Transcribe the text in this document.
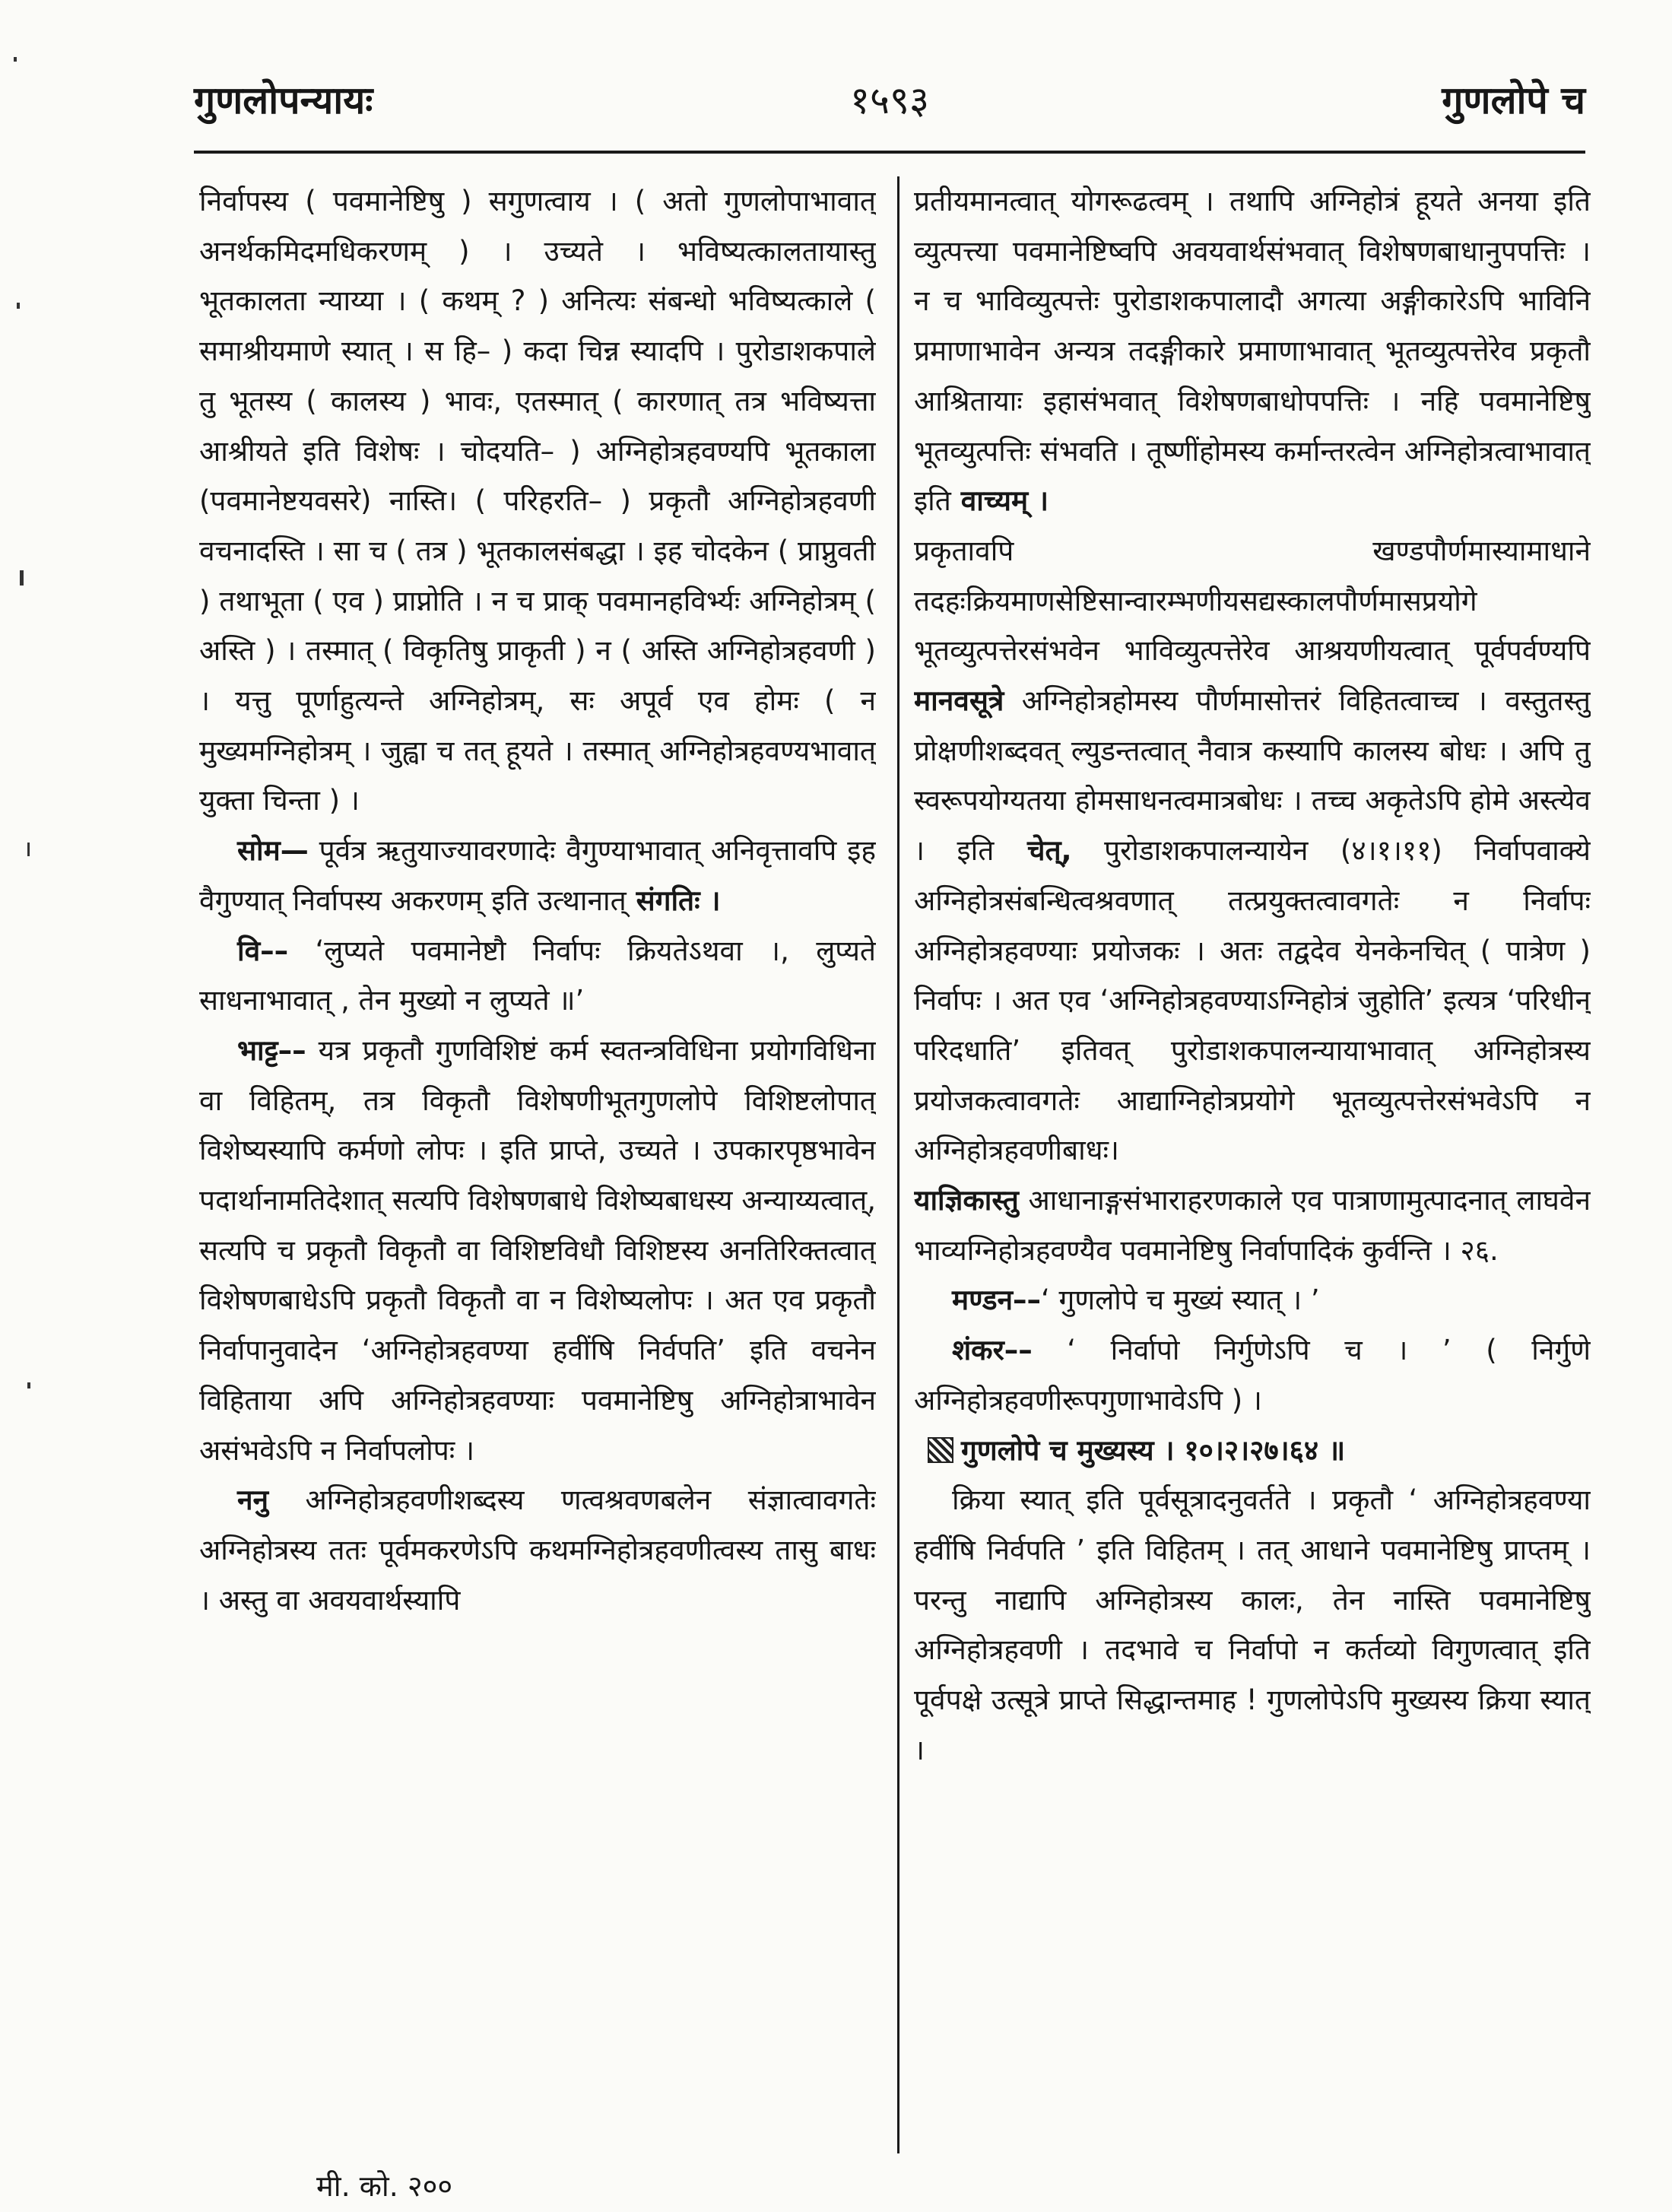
गुणलोपन्यायः	१५९३	गुणलोपे च

निर्वापस्य ( पवमानेष्टिषु ) सगुणत्वाय । ( अतो गुणलोपाभावात् अनर्थकमिदमधिकरणम् ) । उच्यते । भविष्यत्कालतायास्तु भूतकालता न्याय्या । ( कथम् ? ) अनित्यः संबन्धो भविष्यत्काले ( समाश्रीयमाणे स्यात् । स हि– ) कदा चिन्न स्यादपि । पुरोडाशकपाले तु भूतस्य ( कालस्य ) भावः, एतस्मात् ( कारणात् तत्र भविष्यत्ता आश्रीयते इति विशेषः । चोदयति– ) अग्निहोत्रहवण्यपि भूतकाला (पवमानेष्टयवसरे) नास्ति। ( परिहरति– ) प्रकृतौ अग्निहोत्रहवणी वचनादस्ति । सा च ( तत्र ) भूतकालसंबद्धा । इह चोदकेन ( प्राप्नुवती ) तथाभूता ( एव ) प्राप्नोति । न च प्राक् पवमानहविर्भ्यः अग्निहोत्रम् ( अस्ति ) । तस्मात् ( विकृतिषु प्राकृती ) न ( अस्ति अग्निहोत्रहवणी ) । यत्तु पूर्णाहुत्यन्ते अग्निहोत्रम्, सः अपूर्व एव होमः ( न मुख्यमग्निहोत्रम् । जुह्वा च तत् हूयते । तस्मात् अग्निहोत्रहवण्यभावात् युक्ता चिन्ता ) ।

सोम— पूर्वत्र ऋतुयाज्यावरणादेः वैगुण्याभावात् अनिवृत्तावपि इह वैगुण्यात् निर्वापस्य अकरणम् इति उत्थानात् संगतिः ।

वि–– ‘लुप्यते पवमानेष्टौ निर्वापः क्रियतेऽथवा ।, लुप्यते साधनाभावात् , तेन मुख्यो न लुप्यते ॥’

भाट्ट–– यत्र प्रकृतौ गुणविशिष्टं कर्म स्वतन्त्रविधिना प्रयोगविधिना वा विहितम्, तत्र विकृतौ विशेषणीभूतगुणलोपे विशिष्टलोपात् विशेष्यस्यापि कर्मणो लोपः । इति प्राप्ते, उच्यते । उपकारपृष्ठभावेन पदार्थानामतिदेशात् सत्यपि विशेषणबाधे विशेष्यबाधस्य अन्याय्यत्वात्, सत्यपि च प्रकृतौ विकृतौ वा विशिष्टविधौ विशिष्टस्य अनतिरिक्तत्वात् विशेषणबाधेऽपि प्रकृतौ विकृतौ वा न विशेष्यलोपः । अत एव प्रकृतौ निर्वापानुवादेन ‘अग्निहोत्रहवण्या हवींषि निर्वपति’ इति वचनेन विहिताया अपि अग्निहोत्रहवण्याः पवमानेष्टिषु अग्निहोत्राभावेन असंभवेऽपि न निर्वापलोपः ।

ननु अग्निहोत्रहवणीशब्दस्य णत्वश्रवणबलेन संज्ञात्वावगतेः अग्निहोत्रस्य ततः पूर्वमकरणेऽपि कथमग्निहोत्रहवणीत्वस्य तासु बाधः । अस्तु वा अवयवार्थस्यापि

प्रतीयमानत्वात् योगरूढत्वम् । तथापि अग्निहोत्रं हूयते अनया इति व्युत्पत्त्या पवमानेष्टिष्वपि अवयवार्थसंभवात् विशेषणबाधानुपपत्तिः । न च भाविव्युत्पत्तेः पुरोडाशकपालादौ अगत्या अङ्गीकारेऽपि भाविनि प्रमाणाभावेन अन्यत्र तदङ्गीकारे प्रमाणाभावात् भूतव्युत्पत्तेरेव प्रकृतौ आश्रितायाः इहासंभवात् विशेषणबाधोपपत्तिः । नहि पवमानेष्टिषु भूतव्युत्पत्तिः संभवति । तूष्णींहोमस्य कर्मान्तरत्वेन अग्निहोत्रत्वाभावात् इति वाच्यम् ।

प्रकृतावपि खण्डपौर्णमास्यामाधाने तदहःक्रियमाणसेष्टिसान्वारम्भणीयसद्यस्कालपौर्णमासप्रयोगे भूतव्युत्पत्तेरसंभवेन भाविव्युत्पत्तेरेव आश्रयणीयत्वात् पूर्वपर्वण्यपि मानवसूत्रे अग्निहोत्रहोमस्य पौर्णमासोत्तरं विहितत्वाच्च । वस्तुतस्तु प्रोक्षणीशब्दवत् ल्युडन्तत्वात् नैवात्र कस्यापि कालस्य बोधः । अपि तु स्वरूपयोग्यतया होमसाधनत्वमात्रबोधः । तच्च अकृतेऽपि होमे अस्त्येव । इति चेत्, पुरोडाशकपालन्यायेन (४।१।११) निर्वापवाक्ये अग्निहोत्रसंबन्धित्वश्रवणात् तत्प्रयुक्तत्वावगतेः न निर्वापः अग्निहोत्रहवण्याः प्रयोजकः । अतः तद्वदेव येनकेनचित् ( पात्रेण ) निर्वापः । अत एव ‘अग्निहोत्रहवण्याऽग्निहोत्रं जुहोति’ इत्यत्र ‘परिधीन् परिदधाति’ इतिवत् पुरोडाशकपालन्यायाभावात् अग्निहोत्रस्य प्रयोजकत्वावगतेः आद्याग्निहोत्रप्रयोगे भूतव्युत्पत्तेरसंभवेऽपि न अग्निहोत्रहवणीबाधः।

याज्ञिकास्तु आधानाङ्गसंभाराहरणकाले एव पात्राणामुत्पादनात् लाघवेन भाव्यग्निहोत्रहवण्यैव पवमानेष्टिषु निर्वापादिकं कुर्वन्ति । २६.

मण्डन––‘ गुणलोपे च मुख्यं स्यात् । ’

शंकर–– ‘ निर्वापो निर्गुणेऽपि च । ’ ( निर्गुणे अग्निहोत्रहवणीरूपगुणाभावेऽपि ) ।

गुणलोपे च मुख्यस्य । १०।२।२७।६४ ॥

क्रिया स्यात् इति पूर्वसूत्रादनुवर्तते । प्रकृतौ ‘ अग्निहोत्रहवण्या हवींषि निर्वपति ’ इति विहितम् । तत् आधाने पवमानेष्टिषु प्राप्तम् । परन्तु नाद्यापि अग्निहोत्रस्य कालः, तेन नास्ति पवमानेष्टिषु अग्निहोत्रहवणी । तदभावे च निर्वापो न कर्तव्यो विगुणत्वात् इति पूर्वपक्षे उत्सूत्रे प्राप्ते सिद्धान्तमाह ! गुणलोपेऽपि मुख्यस्य क्रिया स्यात् ।

मी. को. २००
